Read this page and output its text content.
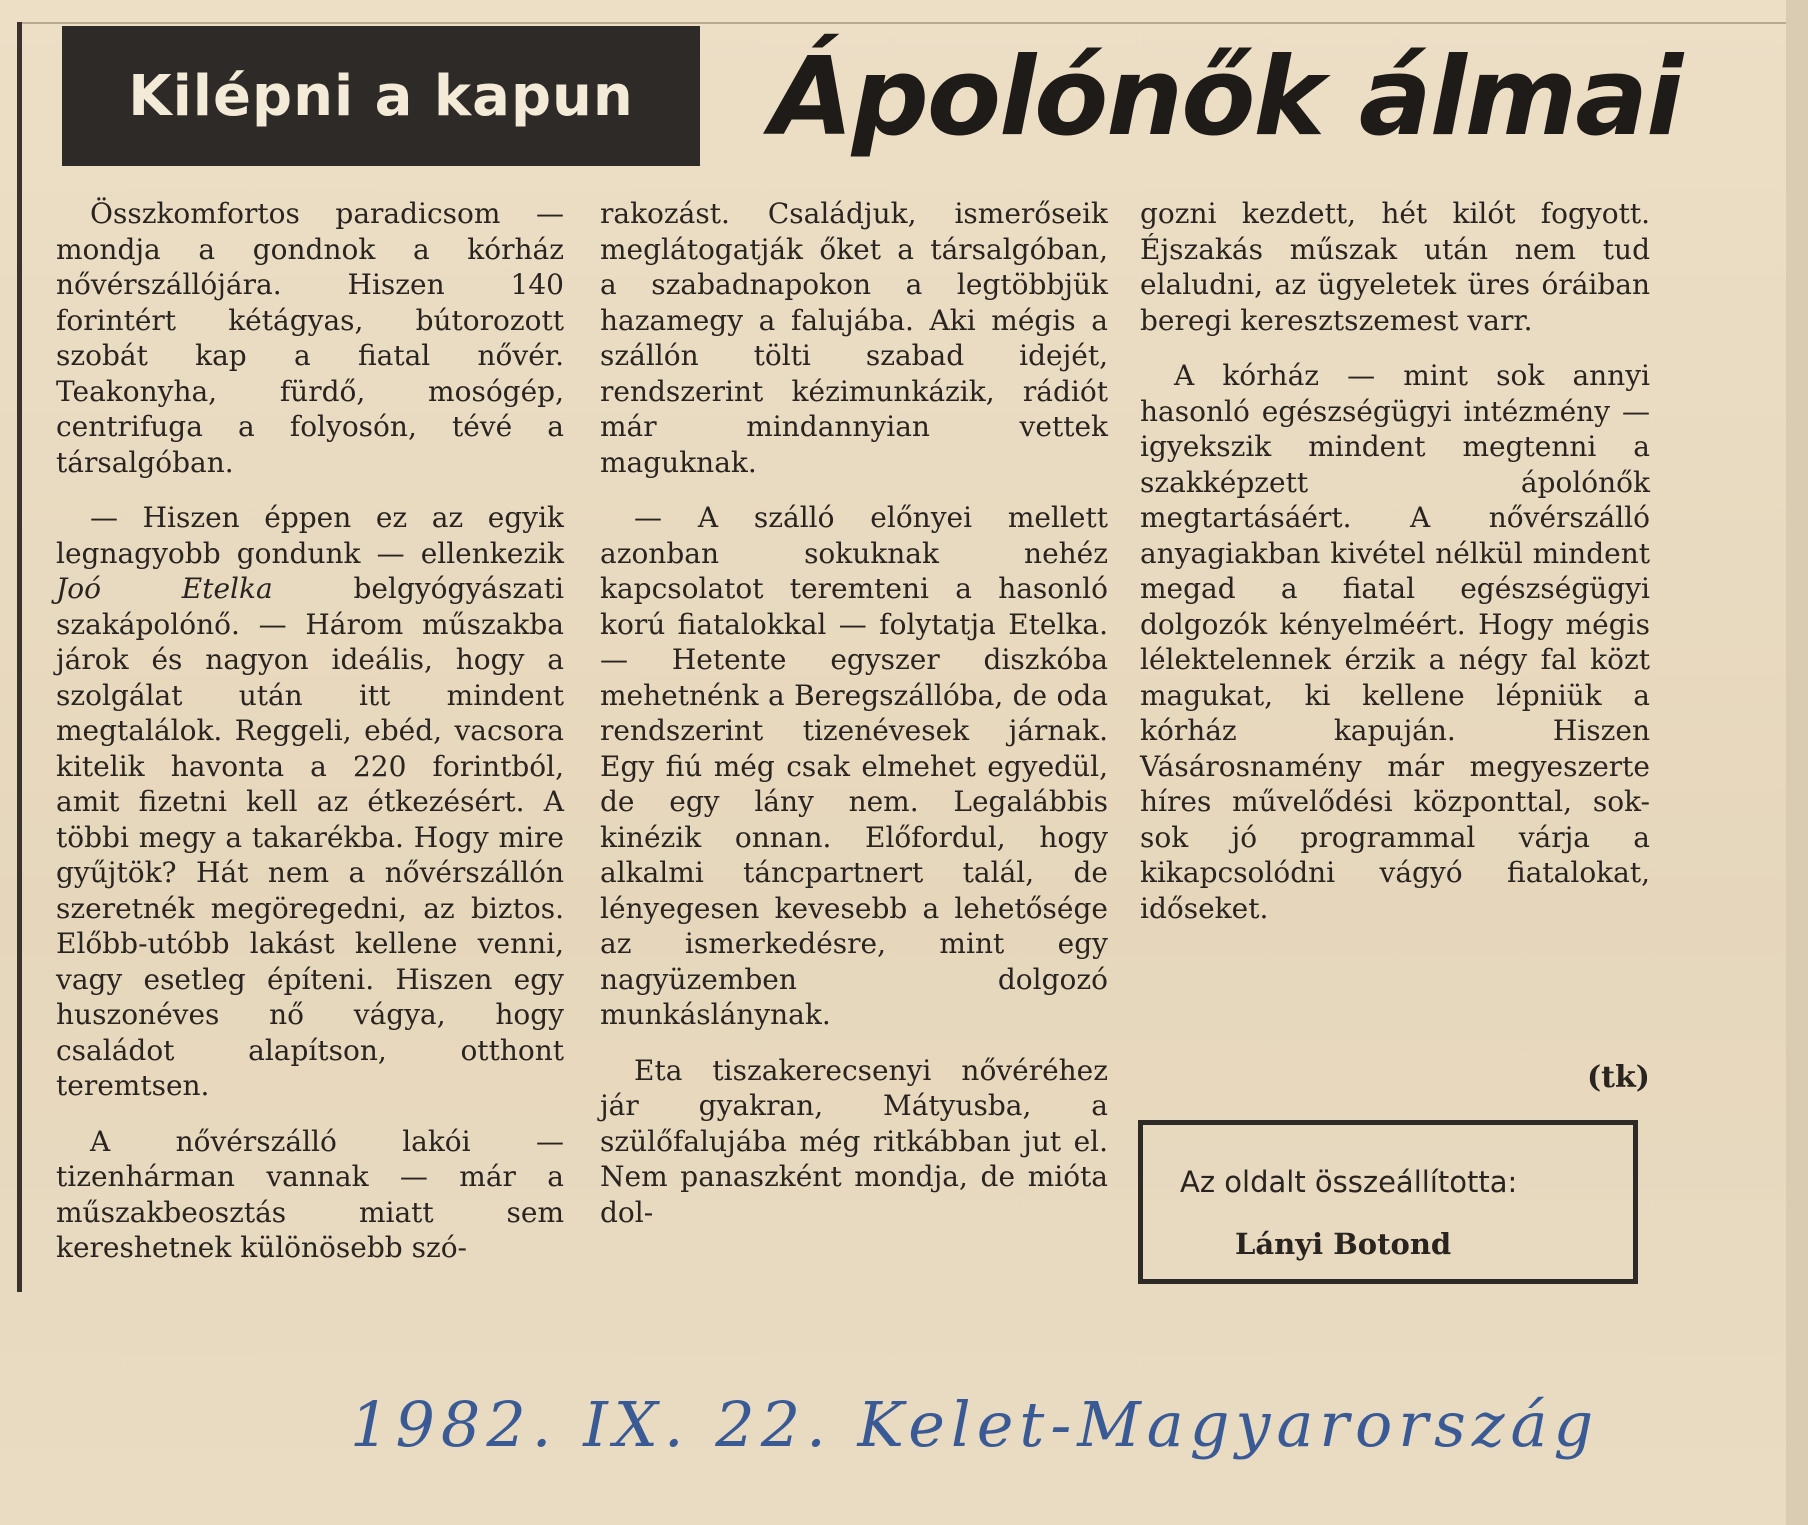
Kilépni a kapun Ápolónők álmai

Összkomfortos paradicsom — mondja a gondnok a kórház nővérszállójára. Hiszen 140 forintért kétágyas, bútorozott szobát kap a fiatal nővér. Teakonyha, fürdő, mosógép, centrifuga a folyosón, tévé a társalgóban.

— Hiszen éppen ez az egyik legnagyobb gondunk — ellenkezik Joó Etelka belgyógyászati szakápolónő. — Három műszakba járok és nagyon ideális, hogy a szolgálat után itt mindent megtalálok. Reggeli, ebéd, vacsora kitelik havonta a 220 forintból, amit fizetni kell az étkezésért. A többi megy a takarékba. Hogy mire gyűjtök? Hát nem a nővérszállón szeretnék megöregedni, az biztos. Előbb-utóbb lakást kellene venni, vagy esetleg építeni. Hiszen egy huszonéves nő vágya, hogy családot alapítson, otthont teremtsen.

A nővérszálló lakói — tizenhárman vannak — már a műszakbeosztás miatt sem kereshetnek különösebb szó-

rakozást. Családjuk, ismerőseik meglátogatják őket a társalgóban, a szabadnapokon a legtöbbjük hazamegy a falujába. Aki mégis a szállón tölti szabad idejét, rendszerint kézimunkázik, rádiót már mindannyian vettek maguknak.

— A szálló előnyei mellett azonban sokuknak nehéz kapcsolatot teremteni a hasonló korú fiatalokkal — folytatja Etelka. — Hetente egyszer diszkóba mehetnénk a Beregszállóba, de oda rendszerint tizenévesek járnak. Egy fiú még csak elmehet egyedül, de egy lány nem. Legalábbis kinézik onnan. Előfordul, hogy alkalmi táncpartnert talál, de lényegesen kevesebb a lehetősége az ismerkedésre, mint egy nagyüzemben dolgozó munkáslánynak.

Eta tiszakerecsenyi nővéréhez jár gyakran, Mátyusba, a szülőfalujába még ritkábban jut el. Nem panaszként mondja, de mióta dol-

gozni kezdett, hét kilót fogyott. Éjszakás műszak után nem tud elaludni, az ügyeletek üres óráiban beregi keresztszemest varr.

A kórház — mint sok annyi hasonló egészségügyi intézmény — igyekszik mindent megtenni a szakképzett ápolónők megtartásáért. A nővérszálló anyagiakban kivétel nélkül mindent megad a fiatal egészségügyi dolgozók kényelméért. Hogy mégis lélektelennek érzik a négy fal közt magukat, ki kellene lépniük a kórház kapuján. Hiszen Vásárosnamény már megyeszerte híres művelődési központtal, sok-sok jó programmal várja a kikapcsolódni vágyó fiatalokat, időseket.

(tk)
Az oldalt összeállította:
Lányi Botond
1982. IX. 22. Kelet-Magyarország
